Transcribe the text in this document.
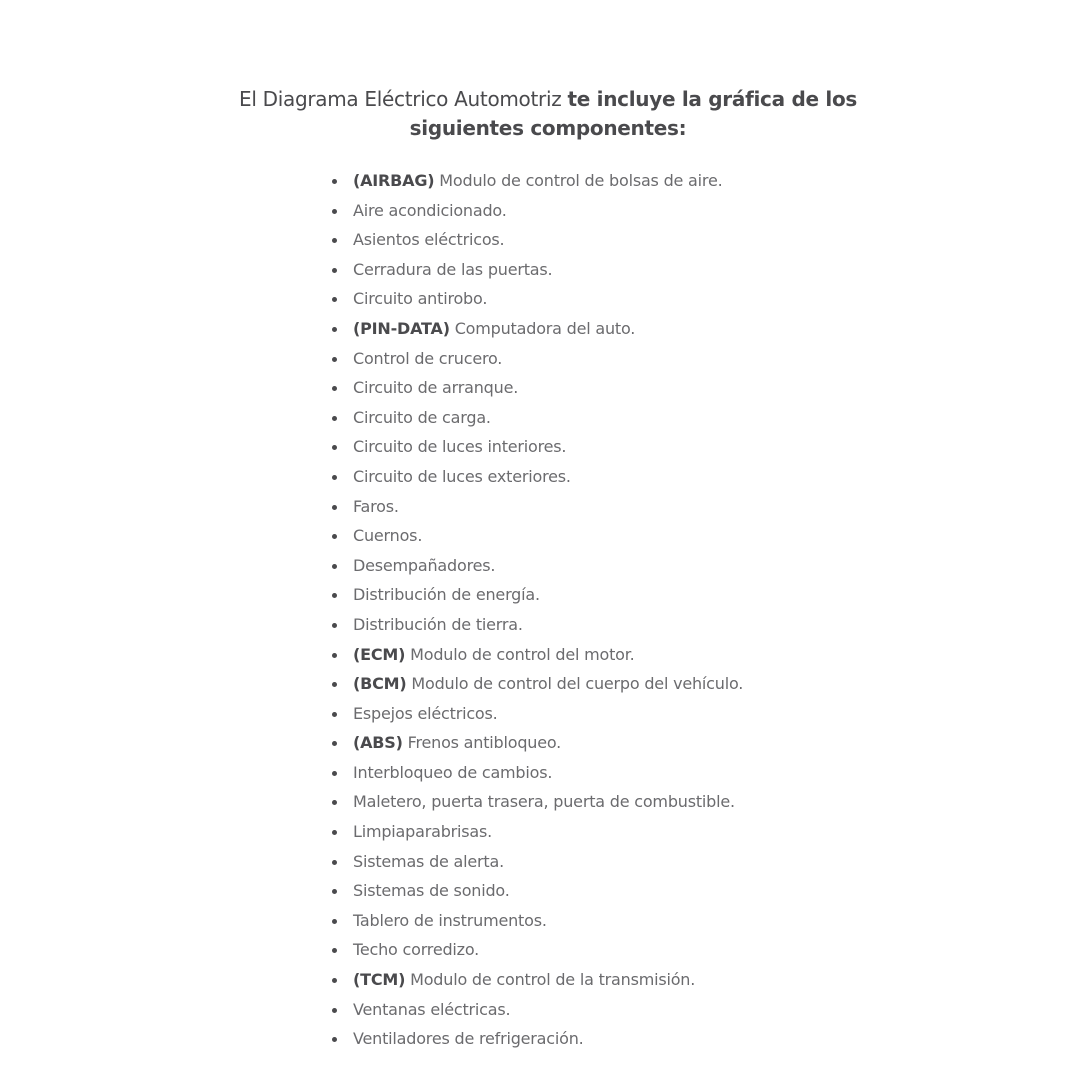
El Diagrama Eléctrico Automotriz te incluye la gráfica de los siguientes componentes:
(AIRBAG) Modulo de control de bolsas de aire.
Aire acondicionado.
Asientos eléctricos.
Cerradura de las puertas.
Circuito antirobo.
(PIN-DATA) Computadora del auto.
Control de crucero.
Circuito de arranque.
Circuito de carga.
Circuito de luces interiores.
Circuito de luces exteriores.
Faros.
Cuernos.
Desempañadores.
Distribución de energía.
Distribución de tierra.
(ECM) Modulo de control del motor.
(BCM) Modulo de control del cuerpo del vehículo.
Espejos eléctricos.
(ABS) Frenos antibloqueo.
Interbloqueo de cambios.
Maletero, puerta trasera, puerta de combustible.
Limpiaparabrisas.
Sistemas de alerta.
Sistemas de sonido.
Tablero de instrumentos.
Techo corredizo.
(TCM) Modulo de control de la transmisión.
Ventanas eléctricas.
Ventiladores de refrigeración.
